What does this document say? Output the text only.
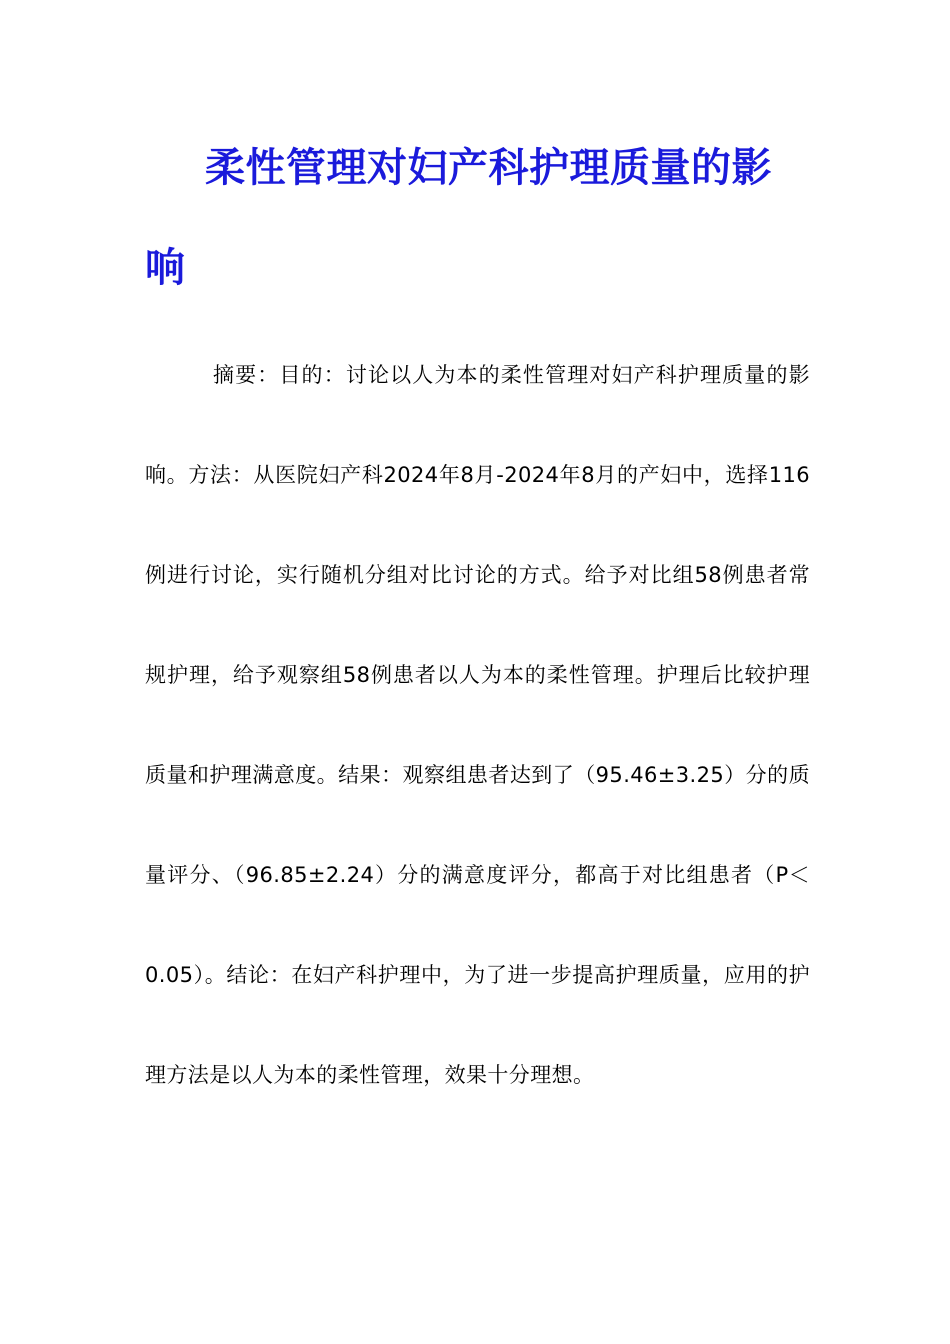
柔性管理对妇产科护理质量的影响

摘要：目的：讨论以人为本的柔性管理对妇产科护理质量的影响。方法：从医院妇产科2024年8月-2024年8月的产妇中，选择116例进行讨论，实行随机分组对比讨论的方式。给予对比组58例患者常规护理，给予观察组58例患者以人为本的柔性管理。护理后比较护理质量和护理满意度。结果：观察组患者达到了（95.46±3.25）分的质量评分、（96.85±2.24）分的满意度评分，都高于对比组患者（P＜0.05）。结论：在妇产科护理中，为了进一步提高护理质量，应用的护理方法是以人为本的柔性管理，效果十分理想。
